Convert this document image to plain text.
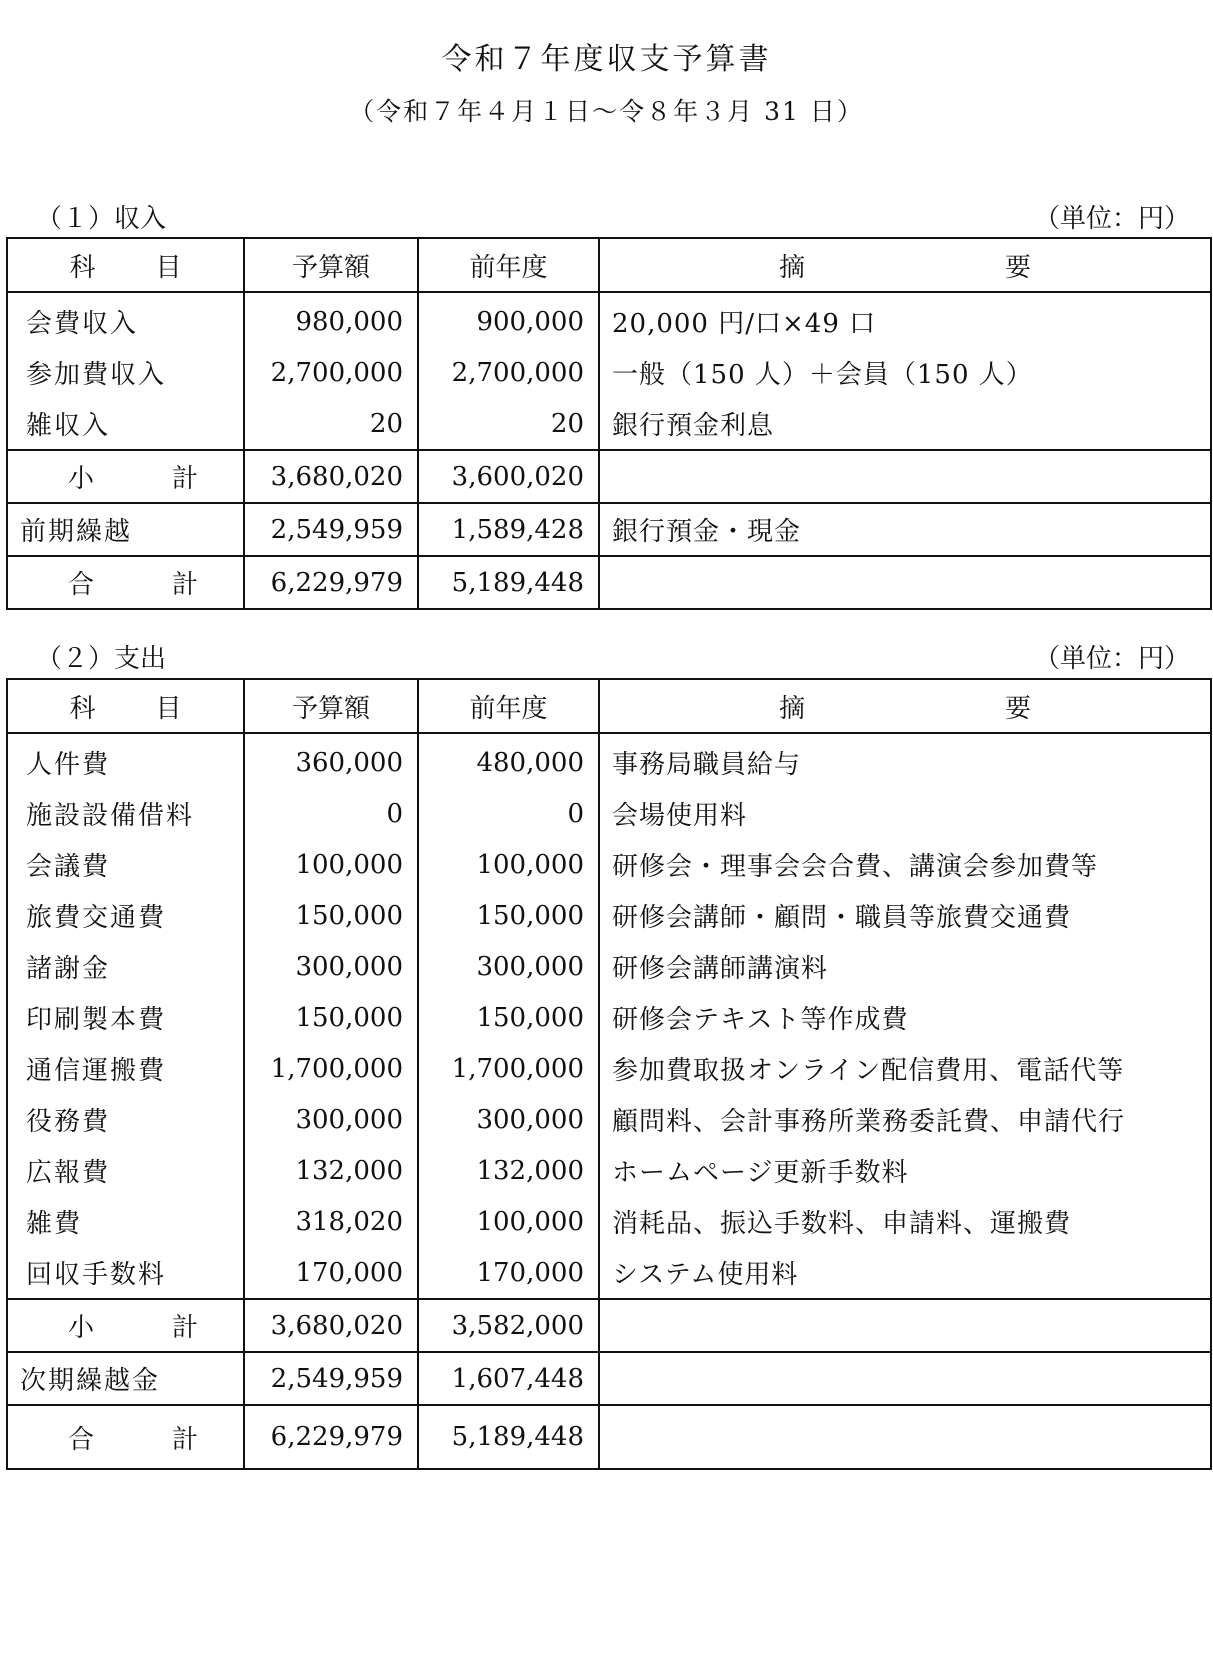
令和７年度収支予算書
（令和７年４月１日～令８年３月 31 日）
（１）収入	（単位：円）
科 目	予算額	前年度	摘 要
会費収入	980,000	900,000	20,000 円/口×49 口
参加費収入	2,700,000	2,700,000	一般（150 人）＋会員（150 人）
雑収入	20	20	銀行預金利息
小 計	3,680,020	3,600,020	
前期繰越	2,549,959	1,589,428	銀行預金・現金
合 計	6,229,979	5,189,448	
（２）支出	（単位：円）
科 目	予算額	前年度	摘 要
人件費	360,000	480,000	事務局職員給与
施設設備借料	0	0	会場使用料
会議費	100,000	100,000	研修会・理事会会合費、講演会参加費等
旅費交通費	150,000	150,000	研修会講師・顧問・職員等旅費交通費
諸謝金	300,000	300,000	研修会講師講演料
印刷製本費	150,000	150,000	研修会テキスト等作成費
通信運搬費	1,700,000	1,700,000	参加費取扱オンライン配信費用、電話代等
役務費	300,000	300,000	顧問料、会計事務所業務委託費、申請代行
広報費	132,000	132,000	ホームページ更新手数料
雑費	318,020	100,000	消耗品、振込手数料、申請料、運搬費
回収手数料	170,000	170,000	システム使用料
小 計	3,680,020	3,582,000	
次期繰越金	2,549,959	1,607,448	
合 計	6,229,979	5,189,448	
